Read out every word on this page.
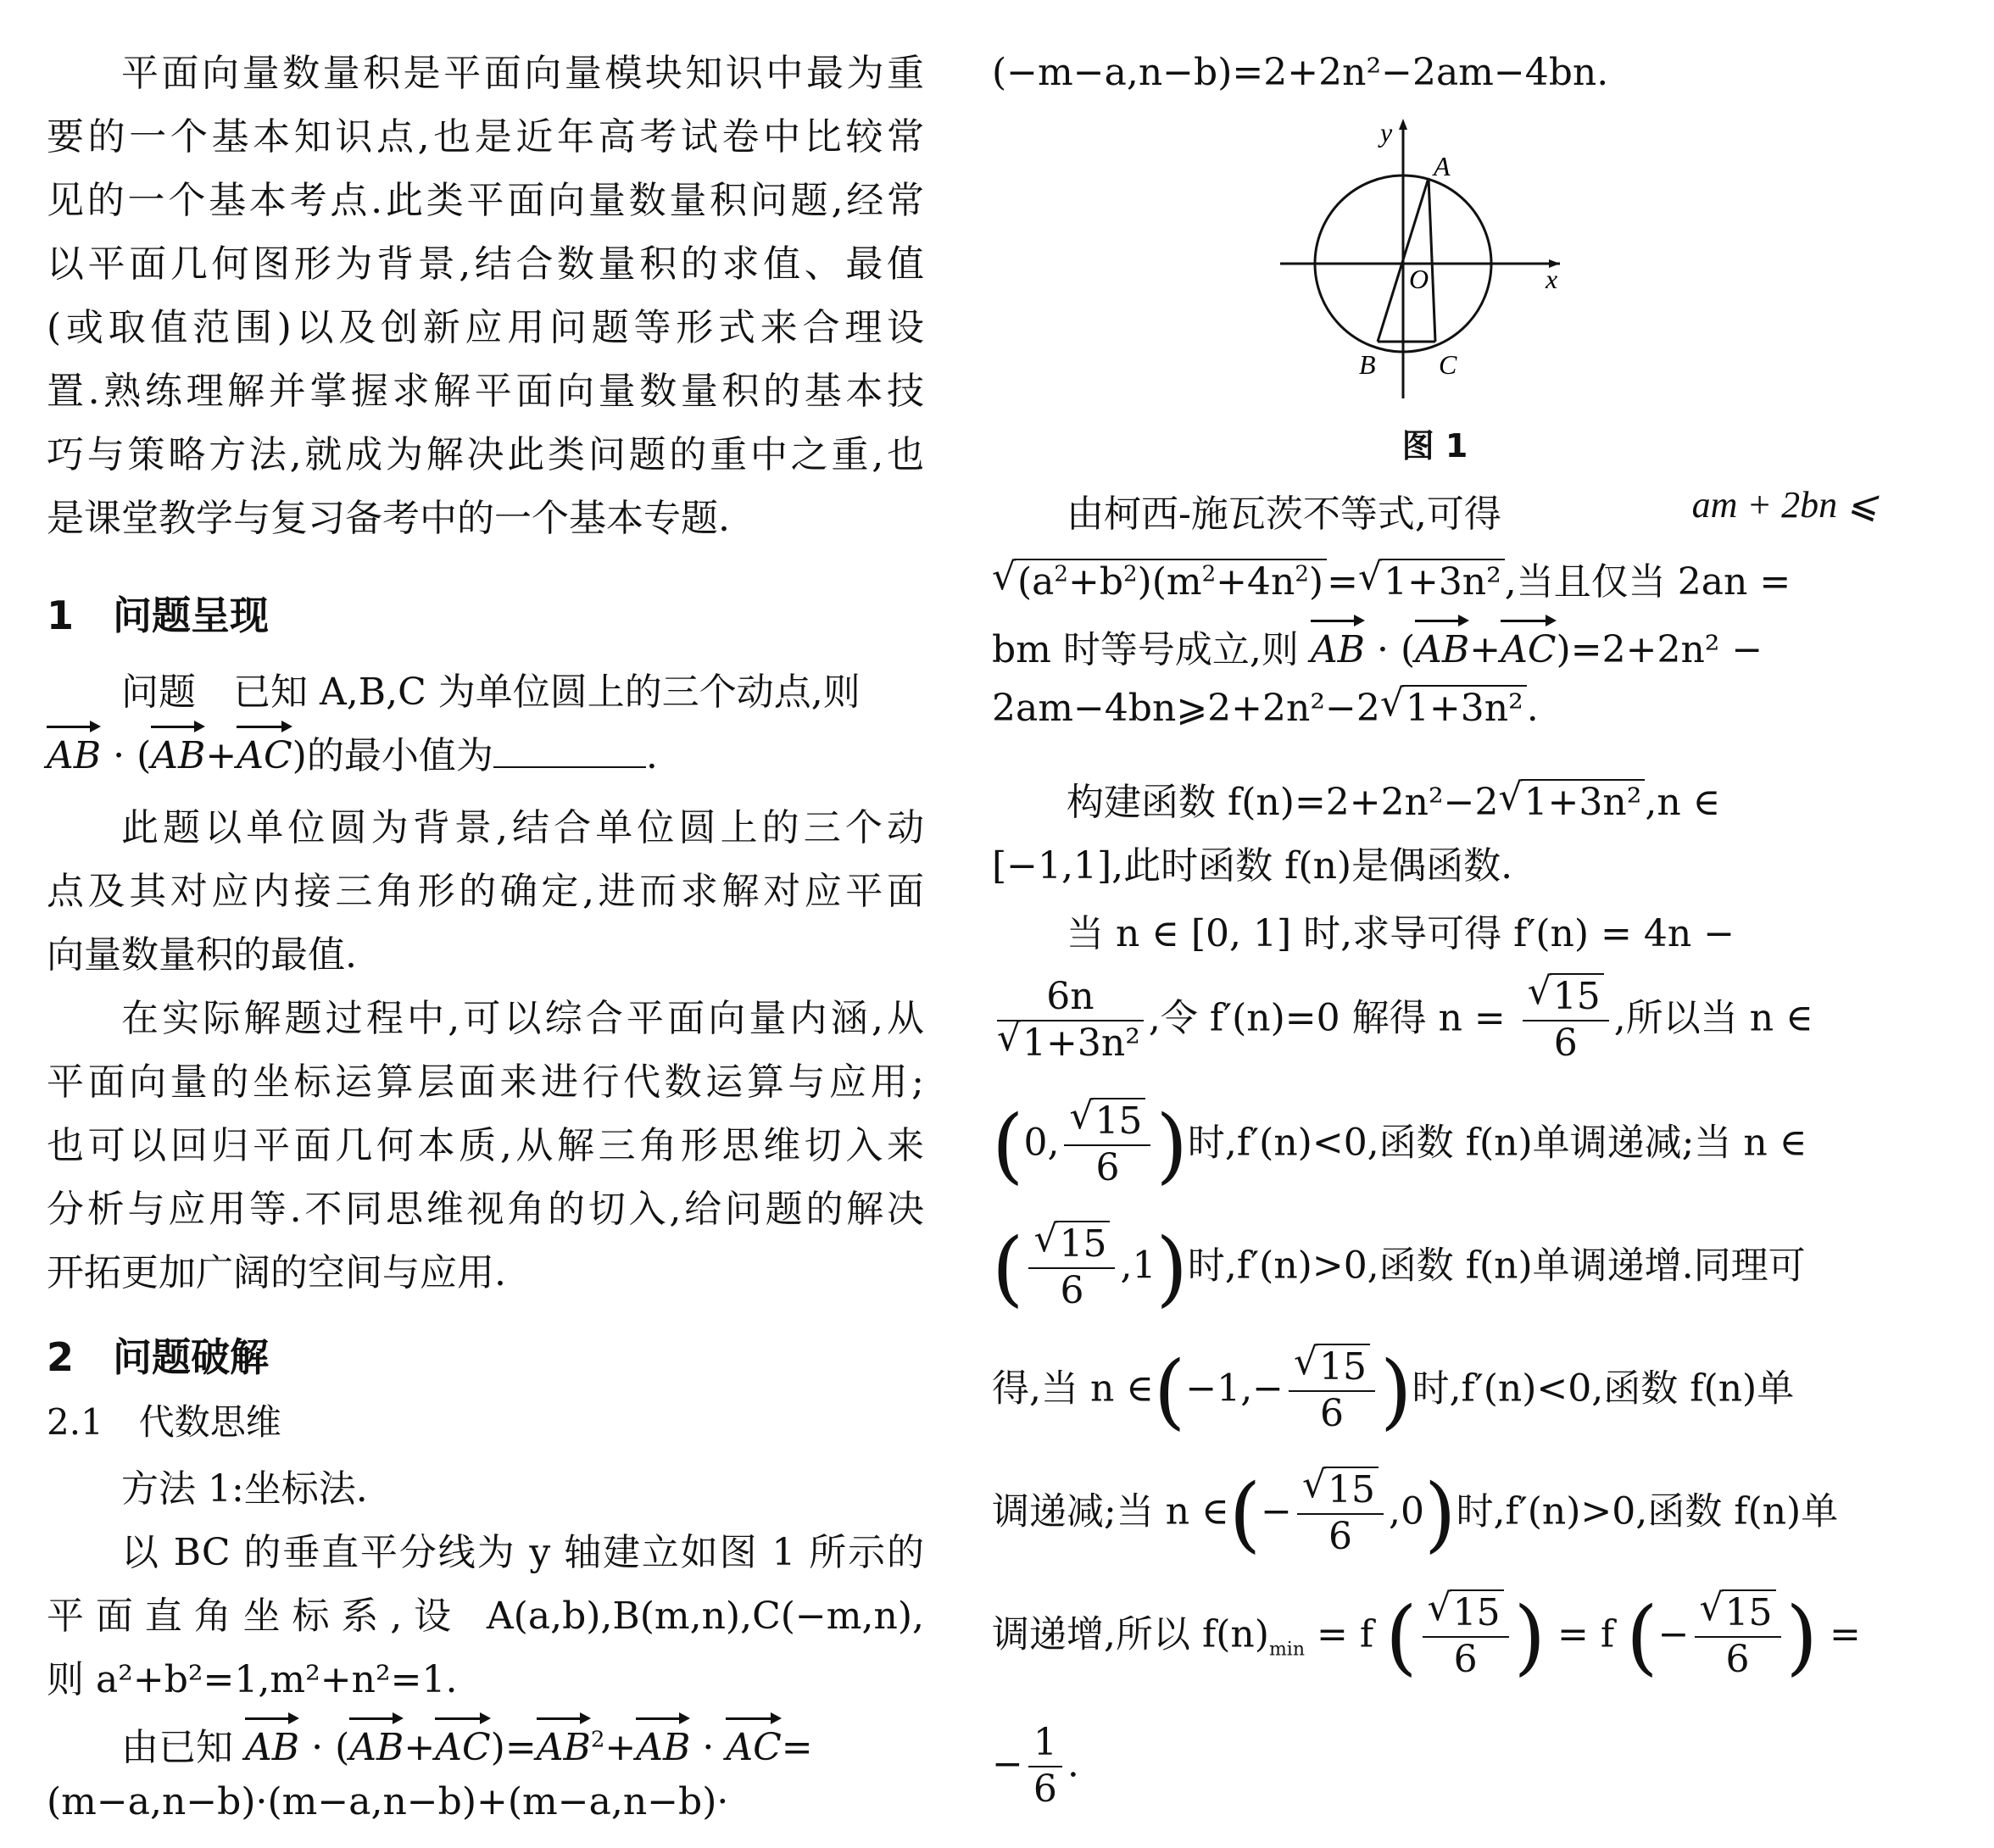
平面向量数量积是平面向量模块知识中最为重
要的一个基本知识点,也是近年高考试卷中比较常
见的一个基本考点.此类平面向量数量积问题,经常
以平面几何图形为背景,结合数量积的求值、最值
(或取值范围)以及创新应用问题等形式来合理设
置.熟练理解并掌握求解平面向量数量积的基本技
巧与策略方法,就成为解决此类问题的重中之重,也
是课堂教学与复习备考中的一个基本专题.
1　问题呈现
问题　已知 A,B,C 为单位圆上的三个动点,则
AB · (AB+AC)的最小值为	.
此题以单位圆为背景,结合单位圆上的三个动
点及其对应内接三角形的确定,进而求解对应平面
向量数量积的最值.
在实际解题过程中,可以综合平面向量内涵,从
平面向量的坐标运算层面来进行代数运算与应用;
也可以回归平面几何本质,从解三角形思维切入来
分析与应用等.不同思维视角的切入,给问题的解决
开拓更加广阔的空间与应用.
2　问题破解
2.1　代数思维
方法 1:坐标法.
以 BC 的垂直平分线为 y 轴建立如图 1 所示的
平面直角坐标系,设 A(a,b),B(m,n),C(−m,n),
则 a²+b²=1,m²+n²=1.
由已知 AB · $(AB+AC)=AB^2+AB \cdot AC=$
(m−a,n−b)·(m−a,n−b)+(m−a,n−b)·
(−m−a,n−b)=2+2n²−2am−4bn.
y
x
O
A
B C
图 1
由柯西-施瓦茨不等式,可得	am + 2bn ⩽
√ $(a^2+b^2)(m^2+4n^2)=$ √ 1+3n²,当且仅当 2an =
bm 时等号成立,则 AB · (AB+AC)=2+2n² −
2am−4bn⩾2+2n²−2 √ 1+3n².
构建函数 f(n)=2+2n²−2 √ 1+3n²,n ∈
[−1,1],此时函数 f(n)是偶函数.
当 n ∈ [0, 1] 时,求导可得 f′(n) = 4n −
$\frac{6n}{\text{√ 1+3n²}}$ ,令 f′(n)=0 解得 $n = \frac{√ 15}{6}$ ,所以当 n ∈
(0, $\frac{√ 15}{6}$ )时,f′(n)<0,函数 f(n)单调递减;当 n ∈
( $\frac{√ 15}{6} ,1$)时,f′(n)>0,函数 f(n)单调递增.同理可
得,当 n ∈(−1,− $\frac{√ 15}{6}$ )时,f′(n)<0,函数 f(n)单
调递减;当 n ∈(− $\frac{√ 15}{6} ,0$)时,f′(n)>0,函数 f(n)单
调递增,所以 $f(n)_{min} = f$ ( $\frac{√ 15}{6}$ ) = f (− $\frac{√ 15}{6}$ ) =
− $\frac{1}{6}$ .
